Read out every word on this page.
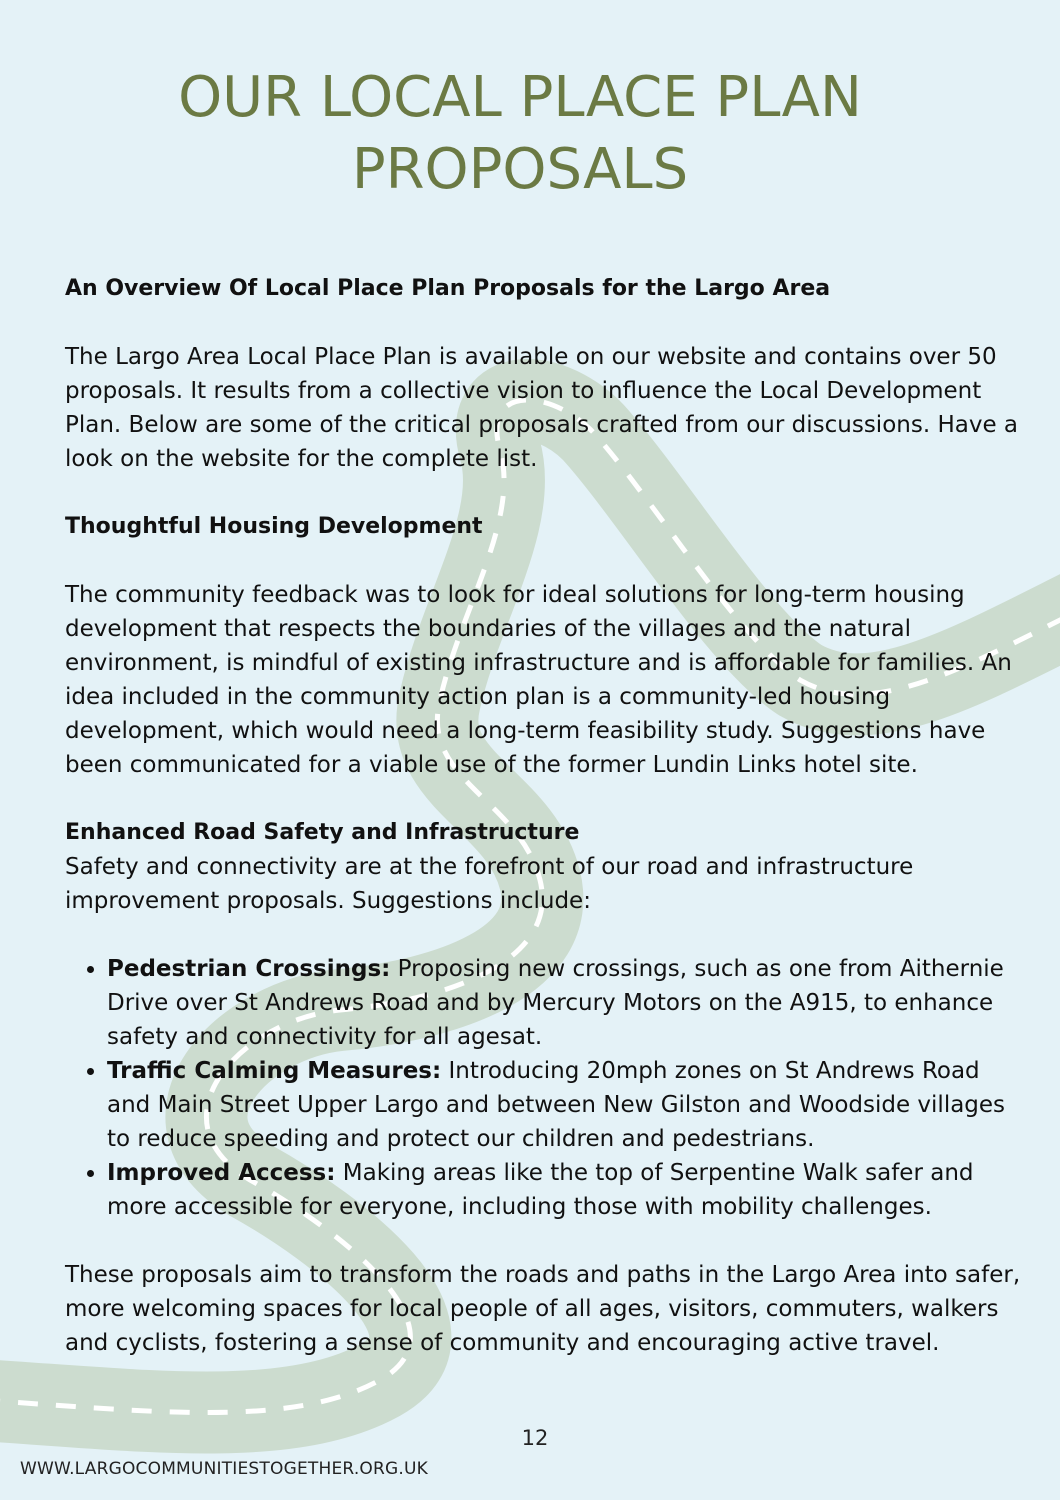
OUR LOCAL PLACE PLAN
PROPOSALS

An Overview Of Local Place Plan Proposals for the Largo Area

The Largo Area Local Place Plan is available on our website and contains over 50 proposals. It results from a collective vision to influence the Local Development Plan. Below are some of the critical proposals crafted from our discussions. Have a look on the website for the complete list.

Thoughtful Housing Development

The community feedback was to look for ideal solutions for long-term housing development that respects the boundaries of the villages and the natural environment, is mindful of existing infrastructure and is affordable for families. An idea included in the community action plan is a community-led housing development, which would need a long-term feasibility study. Suggestions have been communicated for a viable use of the former Lundin Links hotel site.

Enhanced Road Safety and Infrastructure

Safety and connectivity are at the forefront of our road and infrastructure improvement proposals. Suggestions include:

• Pedestrian Crossings: Proposing new crossings, such as one from Aithernie Drive over St Andrews Road and by Mercury Motors on the A915, to enhance safety and connectivity for all agesat.
• Traffic Calming Measures: Introducing 20mph zones on St Andrews Road and Main Street Upper Largo and between New Gilston and Woodside villages to reduce speeding and protect our children and pedestrians.
• Improved Access: Making areas like the top of Serpentine Walk safer and more accessible for everyone, including those with mobility challenges.

These proposals aim to transform the roads and paths in the Largo Area into safer, more welcoming spaces for local people of all ages, visitors, commuters, walkers and cyclists, fostering a sense of community and encouraging active travel.

12
WWW.LARGOCOMMUNITIESTOGETHER.ORG.UK
